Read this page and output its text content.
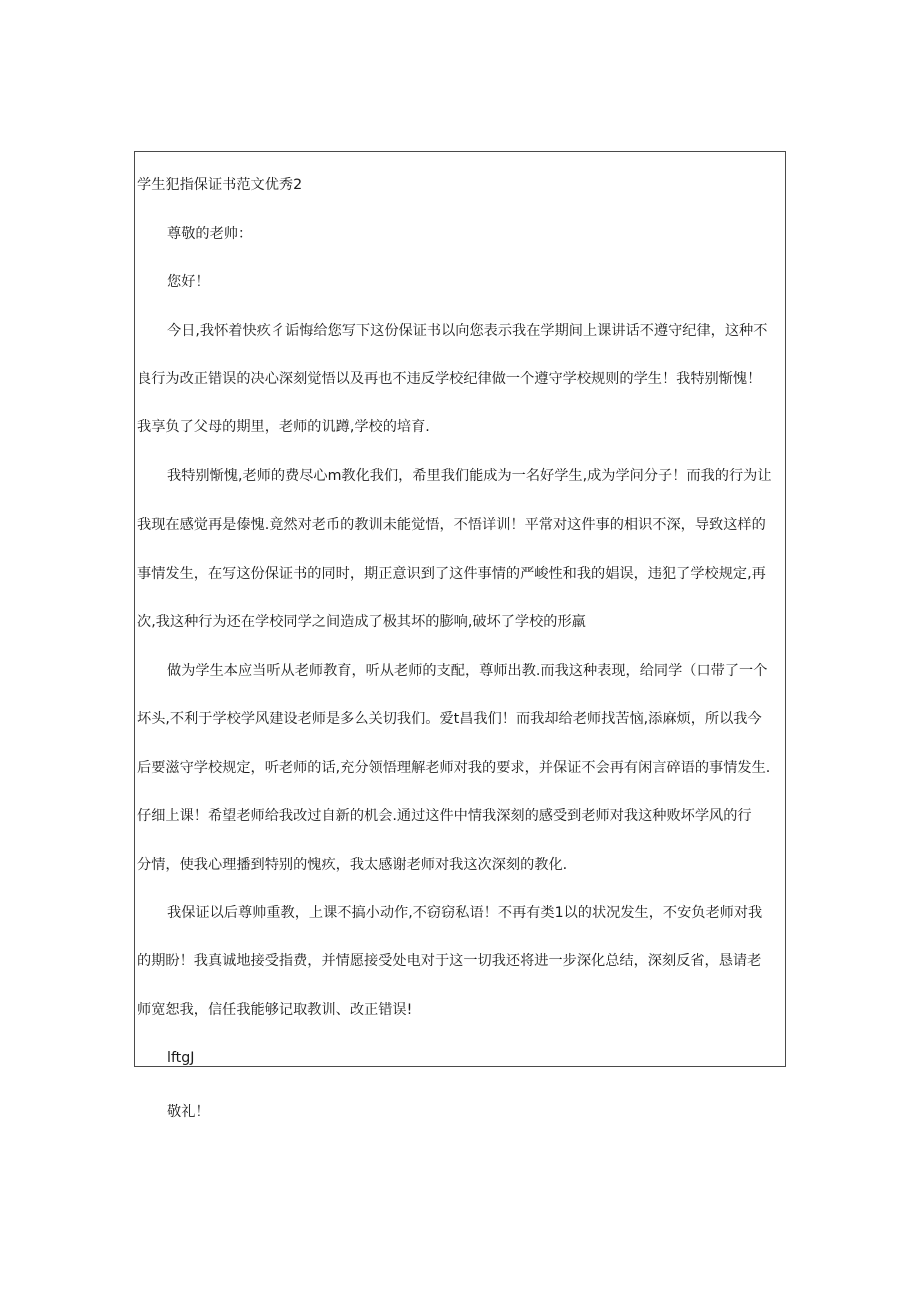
学生犯指保证书范文优秀2
尊敬的老帅：
您好！
今日,我怀着快疚彳诟悔给您写下这份保证书以向您表示我在学期间上课讲话不遵守纪律，这种不
良行为改正错误的决心深刻觉悟以及再也不违反学校纪律做一个遵守学校规则的学生！我特别惭愧！
我享负了父母的期里，老师的讥蹲,学校的培育.
我特别惭愧,老师的费尽心m教化我们，希里我们能成为一名好学生,成为学问分子！而我的行为让
我现在感觉再是傣愧.竟然对老币的教训未能觉悟，不悟详训！平常对这件事的相识不深，导致这样的
事情发生，在写这份保证书的同时，期正意识到了这件事情的严峻性和我的娼误，违犯了学校规定,再
次,我这种行为还在学校同学之间造成了极其坏的膨响,破坏了学校的形羸
做为学生本应当听从老师教育，听从老师的支配，尊师出教.而我这种表现，给同学（口带了一个
坏头,不利于学校学风建设老师是多么关切我们。爱t昌我们！而我却给老师找苦恼,添麻烦，所以我今
后要滋守学校规定，听老师的话,充分领悟理解老师对我的要求，并保证不会再有闲言碎语的事情发生.
仔细上课！希望老师给我改过自新的机会.通过这件中情我深刻的感受到老师对我这种败坏学风的行
分情，使我心理播到特别的愧疚，我太感谢老师对我这次深刻的教化.
我保证以后尊帅重教，上课不搞小动作,不窃窃私语！不再有类1以的状况发生，不安负老师对我
的期盼！我真诚地接受指费，并情愿接受处电对于这一切我还将进一步深化总结，深刻反省，恳请老
师宽恕我，信任我能够记取教训、改正错误!
lftgJ
敬礼！
